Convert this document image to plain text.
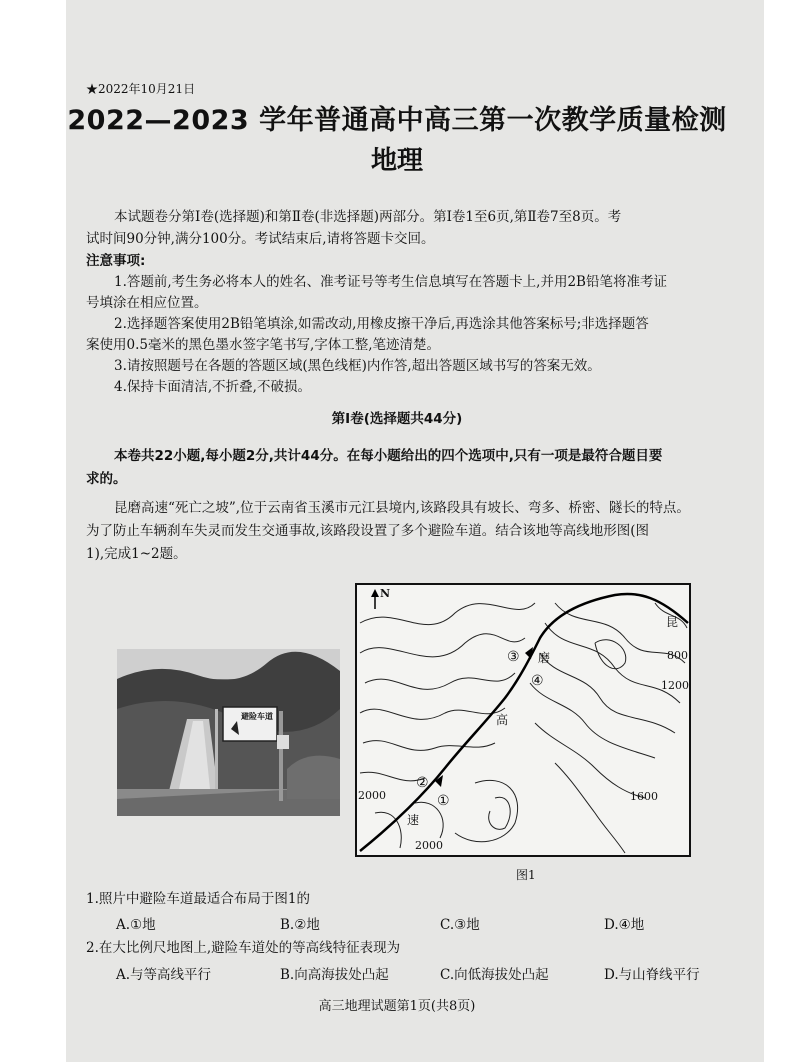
★2022年10月21日
2022—2023 学年普通高中高三第一次教学质量检测
地理
本试题卷分第Ⅰ卷(选择题)和第Ⅱ卷(非选择题)两部分。第Ⅰ卷1至6页,第Ⅱ卷7至8页。考
试时间90分钟,满分100分。考试结束后,请将答题卡交回。
注意事项:
1.答题前,考生务必将本人的姓名、准考证号等考生信息填写在答题卡上,并用2B铅笔将准考证
号填涂在相应位置。
2.选择题答案使用2B铅笔填涂,如需改动,用橡皮擦干净后,再选涂其他答案标号;非选择题答
案使用0.5毫米的黑色墨水签字笔书写,字体工整,笔迹清楚。
3.请按照题号在各题的答题区域(黑色线框)内作答,超出答题区域书写的答案无效。
4.保持卡面清洁,不折叠,不破损。
第Ⅰ卷(选择题共44分)
本卷共22小题,每小题2分,共计44分。在每小题给出的四个选项中,只有一项是最符合题目要
求的。
昆磨高速“死亡之坡”,位于云南省玉溪市元江县境内,该路段具有坡长、弯多、桥密、隧长的特点。
为了防止车辆刹车失灵而发生交通事故,该路段设置了多个避险车道。结合该地等高线地形图(图
1),完成1~2题。
避险车道
N
昆
磨
高
速
800
1200
1600
2000
2000
①
②
③
④
图1
1.照片中避险车道最适合布局于图1的
A.①地	B.②地	C.③地	D.④地
2.在大比例尺地图上,避险车道处的等高线特征表现为
A.与等高线平行	B.向高海拔处凸起	C.向低海拔处凸起	D.与山脊线平行
高三地理试题第1页(共8页)
